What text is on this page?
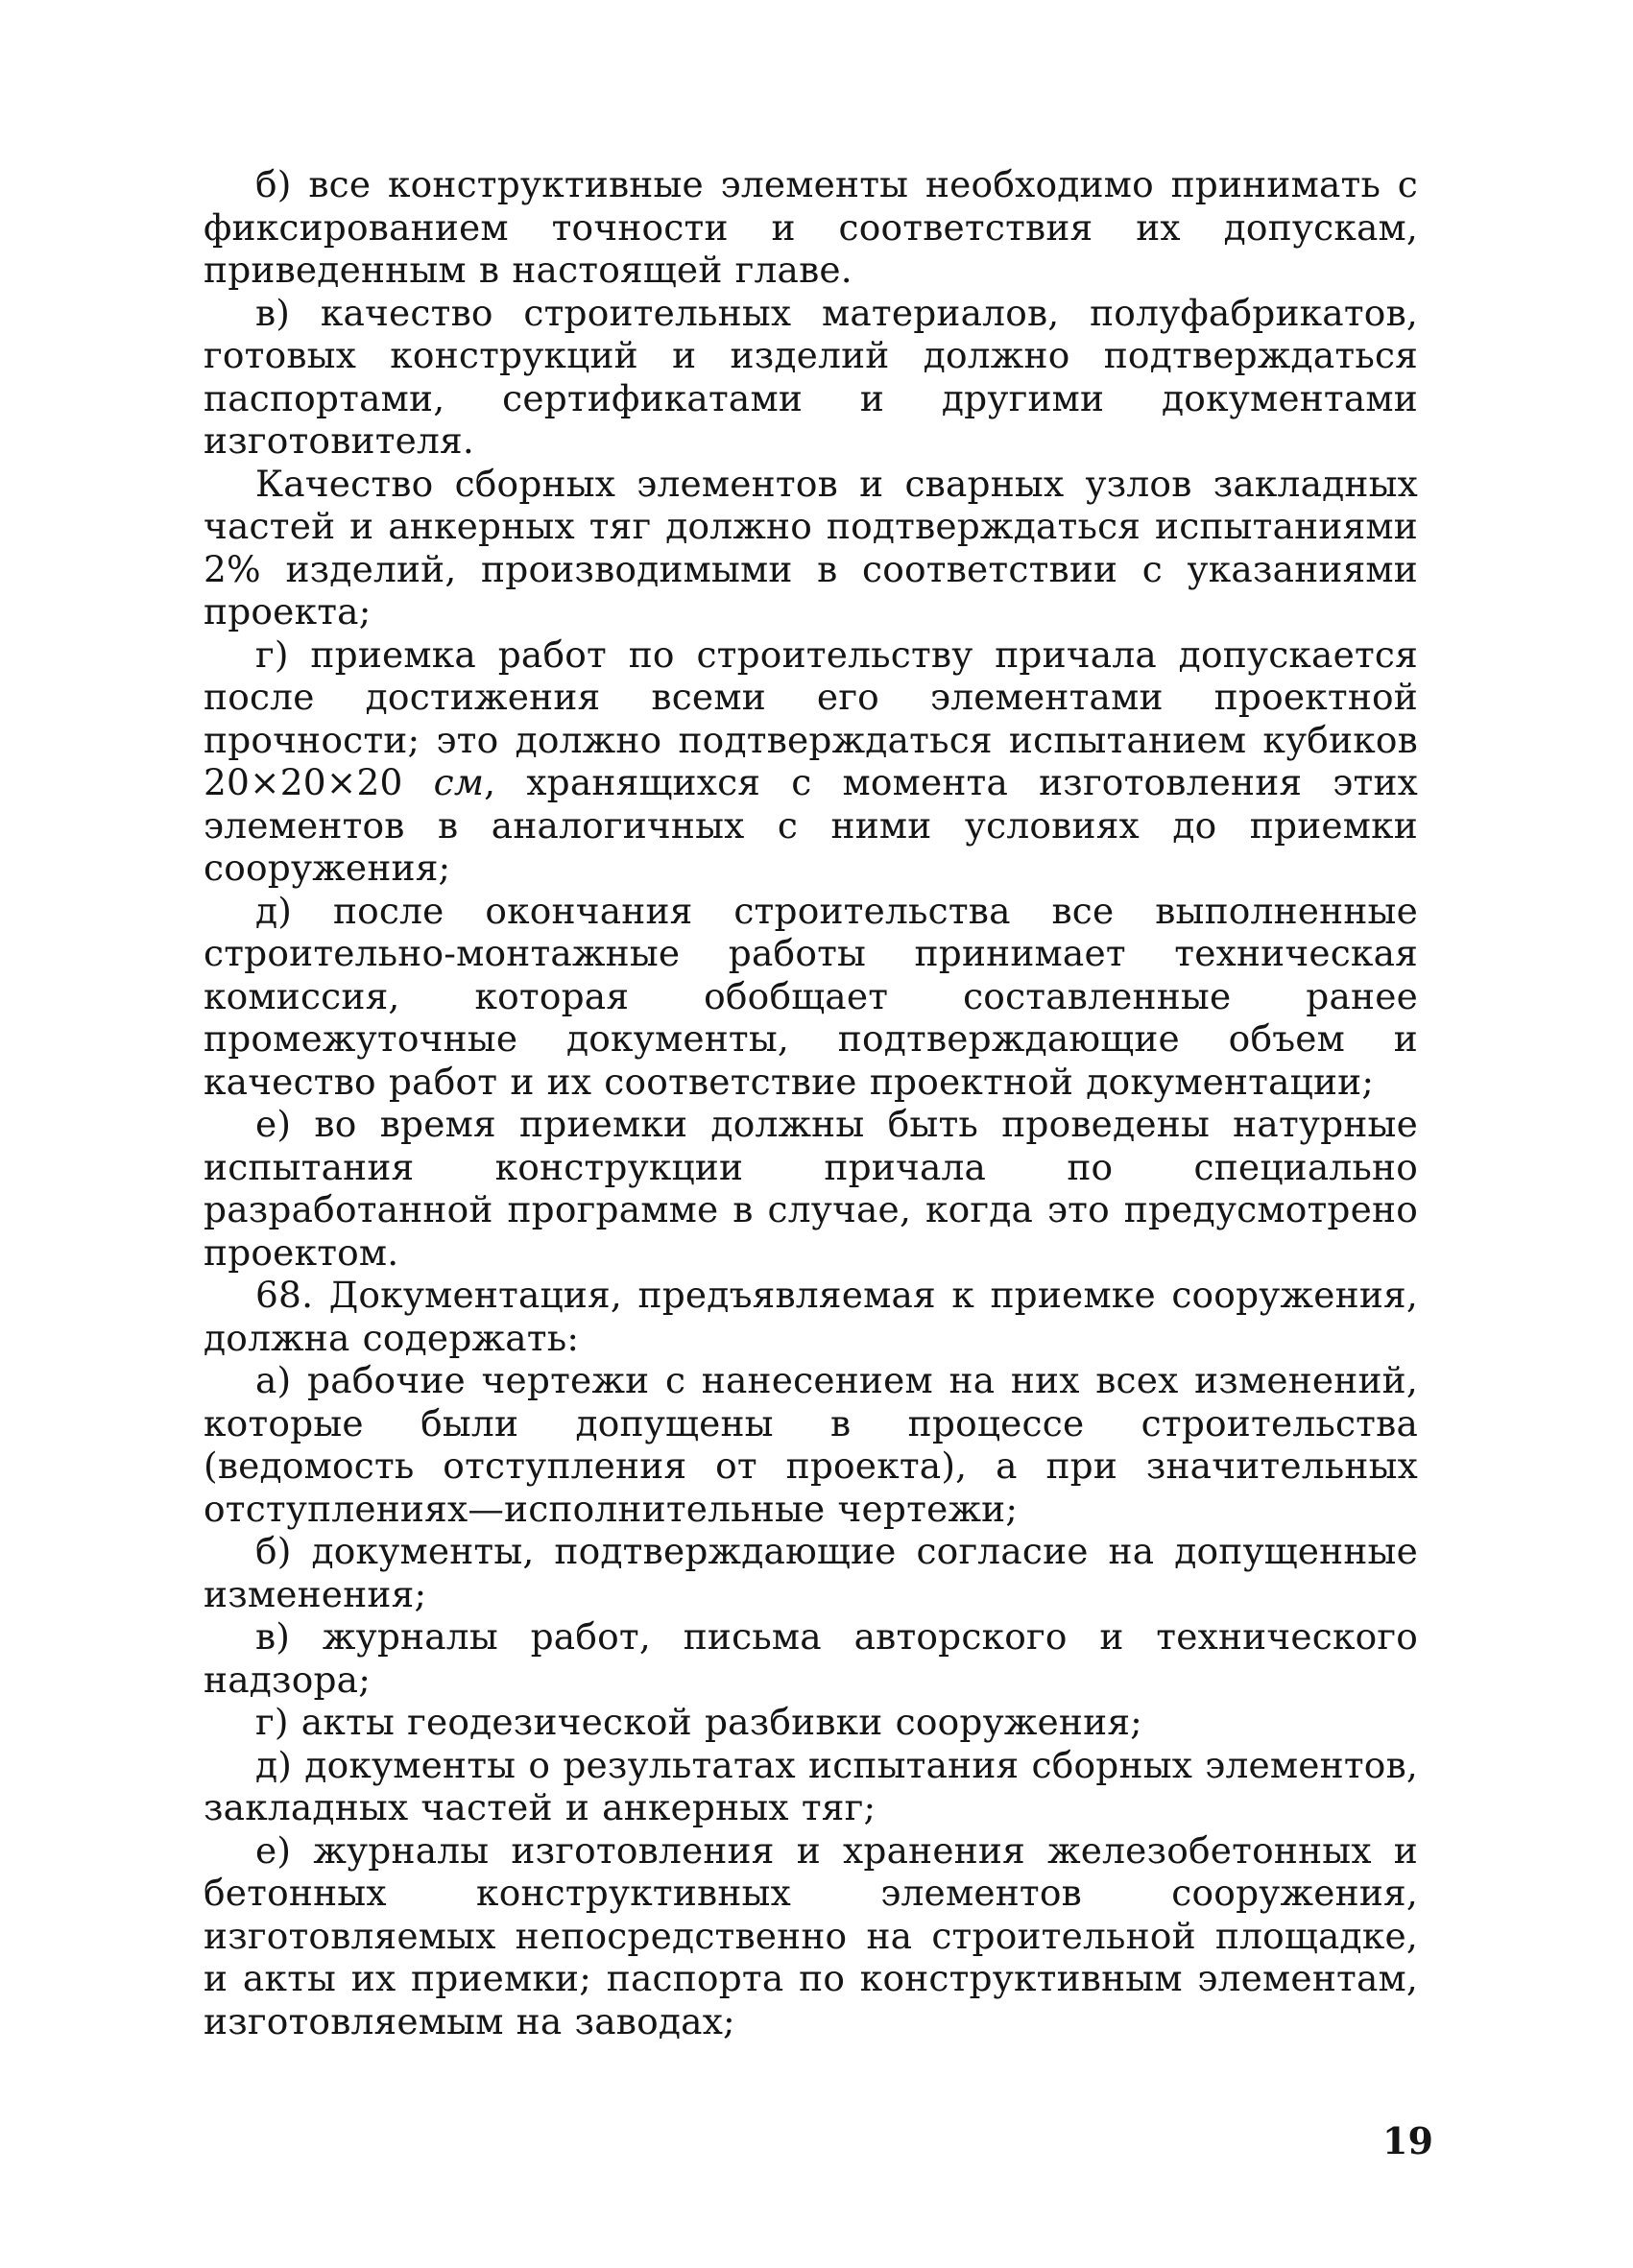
б) все конструктивные элементы необходимо принимать с фиксированием точности и соответствия их допускам, приведенным в настоящей главе.

в) качество строительных материалов, полуфабрикатов, готовых конструкций и изделий должно подтверждаться паспортами, сертификатами и другими документами изготовителя.

Качество сборных элементов и сварных узлов закладных частей и анкерных тяг должно подтверждаться испытаниями 2% изделий, производимыми в соответствии с указаниями проекта;

г) приемка работ по строительству причала допускается после достижения всеми его элементами проектной прочности; это должно подтверждаться испытанием кубиков 20×20×20 см, хранящихся с момента изготовления этих элементов в аналогичных с ними условиях до приемки сооружения;

д) после окончания строительства все выполненные строительно-монтажные работы принимает техническая комиссия, которая обобщает составленные ранее промежуточные документы, подтверждающие объем и качество работ и их соответствие проектной документации;

е) во время приемки должны быть проведены натурные испытания конструкции причала по специально разработанной программе в случае, когда это предусмотрено проектом.

68. Документация, предъявляемая к приемке сооружения, должна содержать:

а) рабочие чертежи с нанесением на них всех изменений, которые были допущены в процессе строительства (ведомость отступления от проекта), а при значительных отступлениях—исполнительные чертежи;

б) документы, подтверждающие согласие на допущенные изменения;

в) журналы работ, письма авторского и технического надзора;

г) акты геодезической разбивки сооружения;

д) документы о результатах испытания сборных элементов, закладных частей и анкерных тяг;

е) журналы изготовления и хранения железобетонных и бетонных конструктивных элементов сооружения, изготовляемых непосредственно на строительной площадке, и акты их приемки; паспорта по конструктивным элементам, изготовляемым на заводах;

19
